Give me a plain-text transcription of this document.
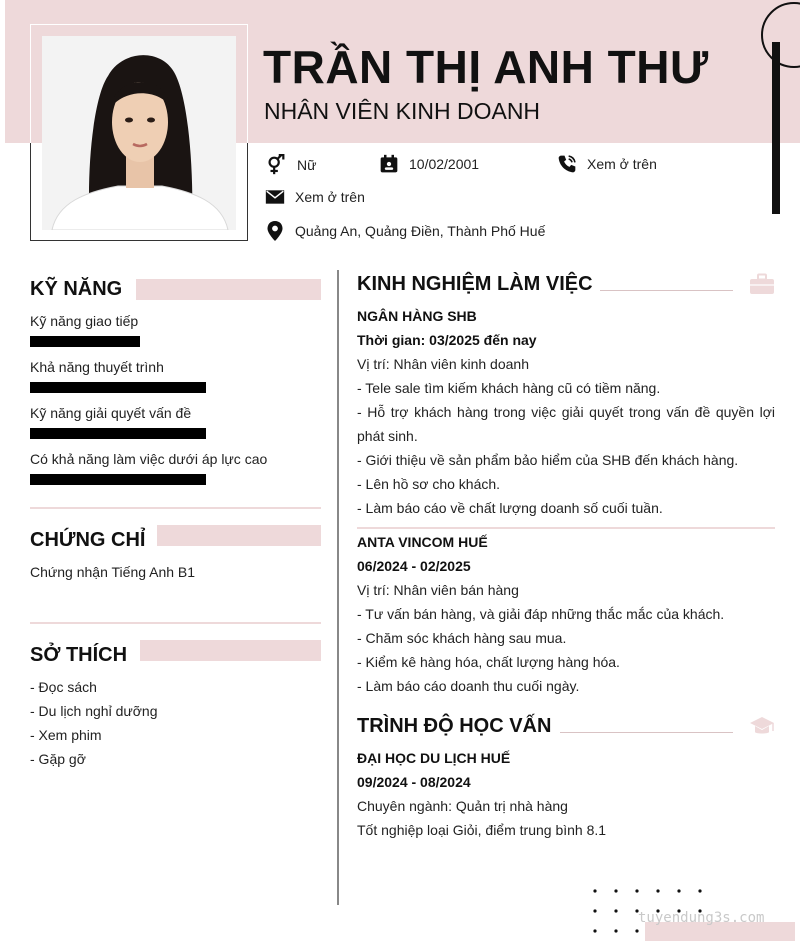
TRẦN THỊ ANH THƯ
NHÂN VIÊN KINH DOANH
Nữ	10/02/2001	Xem ở trên
Xem ở trên
Quảng An, Quảng Điền, Thành Phố Huế
KỸ NĂNG
Kỹ năng giao tiếp
Khả năng thuyết trình
Kỹ năng giải quyết vấn đề
Có khả năng làm việc dưới áp lực cao
CHỨNG CHỈ
Chứng nhận Tiếng Anh B1
SỞ THÍCH
- Đọc sách
- Du lịch nghỉ dưỡng
- Xem phim
- Gặp gỡ
KINH NGHIỆM LÀM VIỆC
NGÂN HÀNG SHB
Thời gian: 03/2025 đến nay
Vị trí: Nhân viên kinh doanh
- Tele sale tìm kiếm khách hàng cũ có tiềm năng.
- Hỗ trợ khách hàng trong việc giải quyết trong vấn đề quyền lợi
phát sinh.
- Giới thiệu về sản phẩm bảo hiểm của SHB đến khách hàng.
- Lên hồ sơ cho khách.
- Làm báo cáo về chất lượng doanh số cuối tuần.
ANTA VINCOM HUẾ
06/2024 - 02/2025
Vị trí: Nhân viên bán hàng
- Tư vấn bán hàng, và giải đáp những thắc mắc của khách.
- Chăm sóc khách hàng sau mua.
- Kiểm kê hàng hóa, chất lượng hàng hóa.
- Làm báo cáo doanh thu cuối ngày.
TRÌNH ĐỘ HỌC VẤN
ĐẠI HỌC DU LỊCH HUẾ
09/2024 - 08/2024
Chuyên ngành: Quản trị nhà hàng
Tốt nghiệp loại Giỏi, điểm trung bình 8.1
tuyendung3s.com
